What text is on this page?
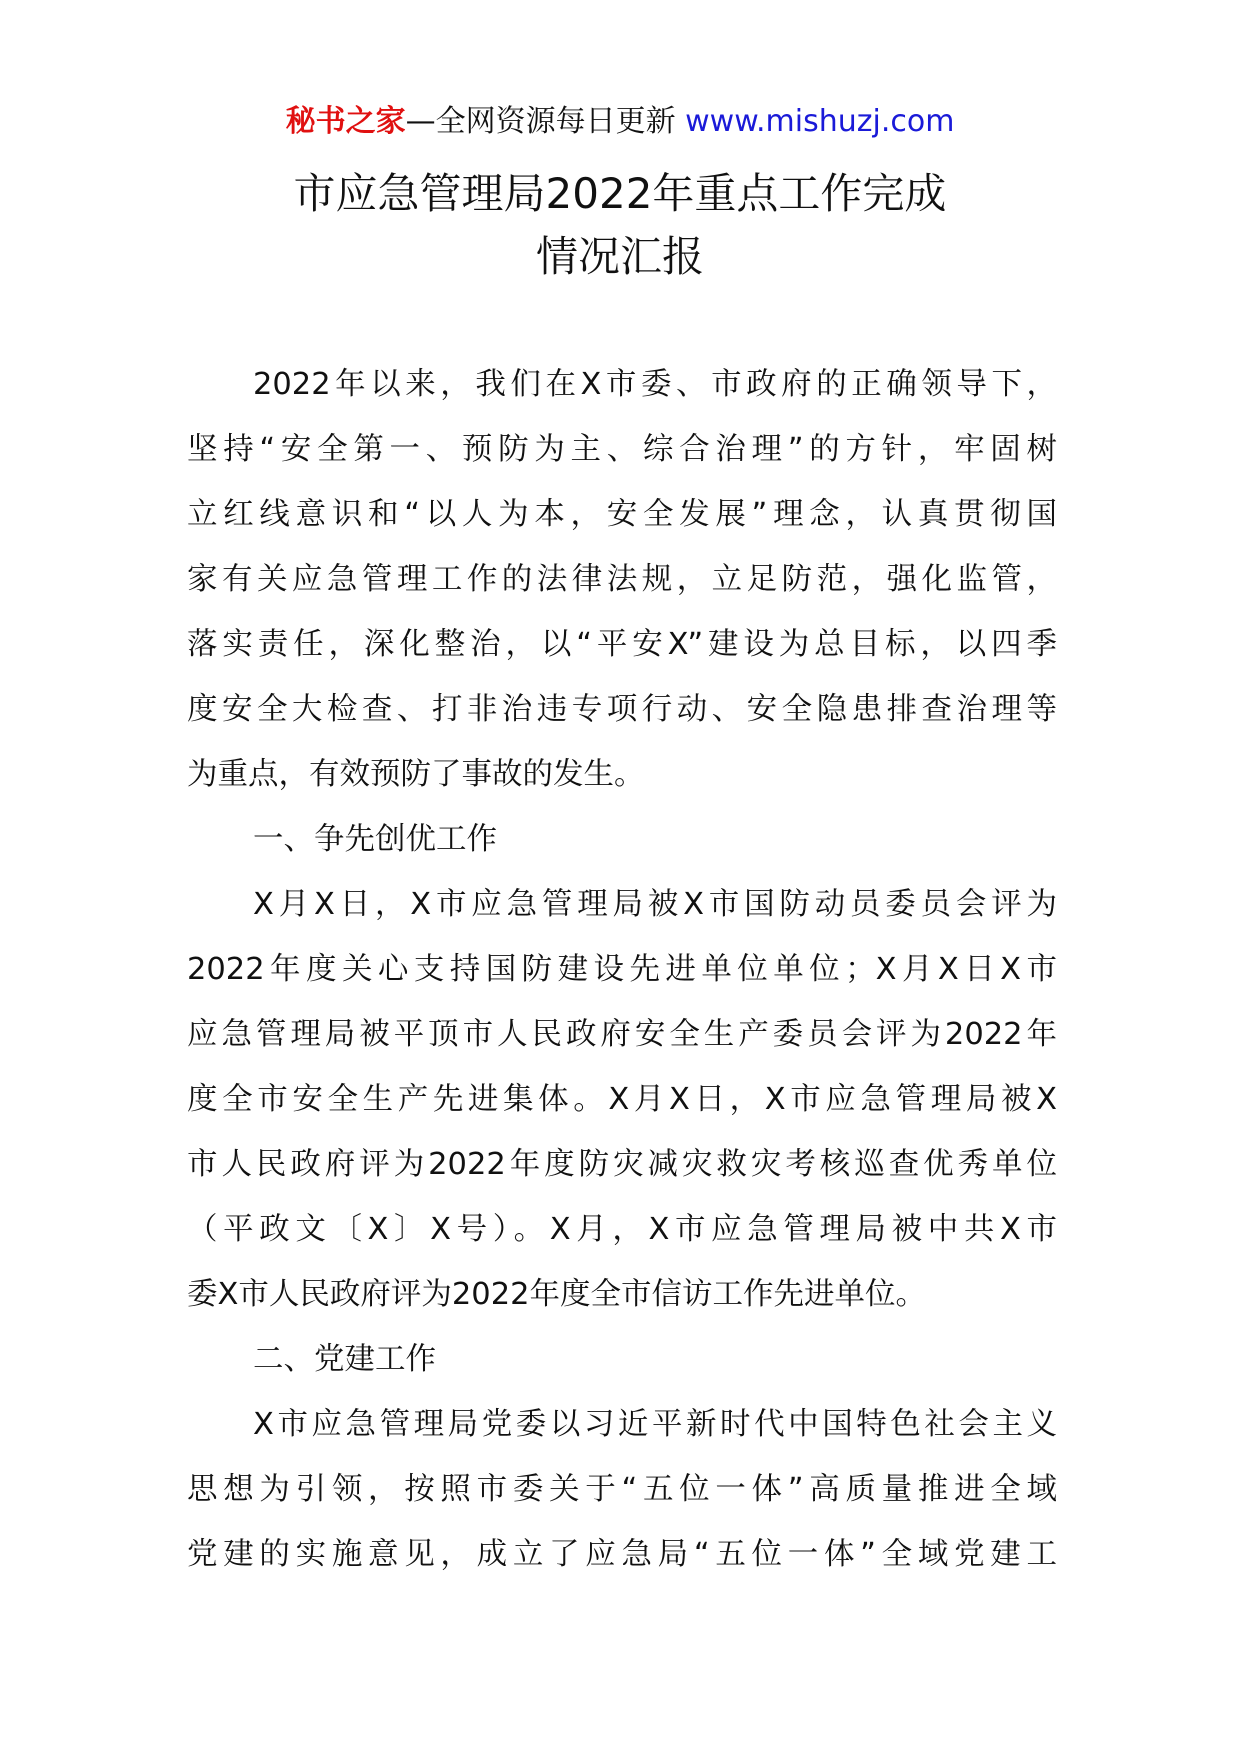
秘书之家—全网资源每日更新 www.mishuzj.com
市应急管理局2022年重点工作完成
情况汇报
2022年以来，我们在X市委、市政府的正确领导下，
坚持“安全第一、预防为主、综合治理”的方针，牢固树
立红线意识和“以人为本，安全发展”理念，认真贯彻国
家有关应急管理工作的法律法规，立足防范，强化监管，
落实责任，深化整治，以“平安X”建设为总目标，以四季
度安全大检查、打非治违专项行动、安全隐患排查治理等
为重点，有效预防了事故的发生。
一、争先创优工作
X月X日，X市应急管理局被X市国防动员委员会评为
2022年度关心支持国防建设先进单位单位；X月X日X市
应急管理局被平顶市人民政府安全生产委员会评为2022年
度全市安全生产先进集体。X月X日，X市应急管理局被X
市人民政府评为2022年度防灾减灾救灾考核巡查优秀单位
（平政文〔X〕X号）。X月，X市应急管理局被中共X市
委X市人民政府评为2022年度全市信访工作先进单位。
二、党建工作
X市应急管理局党委以习近平新时代中国特色社会主义
思想为引领，按照市委关于“五位一体”高质量推进全域
党建的实施意见，成立了应急局“五位一体”全域党建工
